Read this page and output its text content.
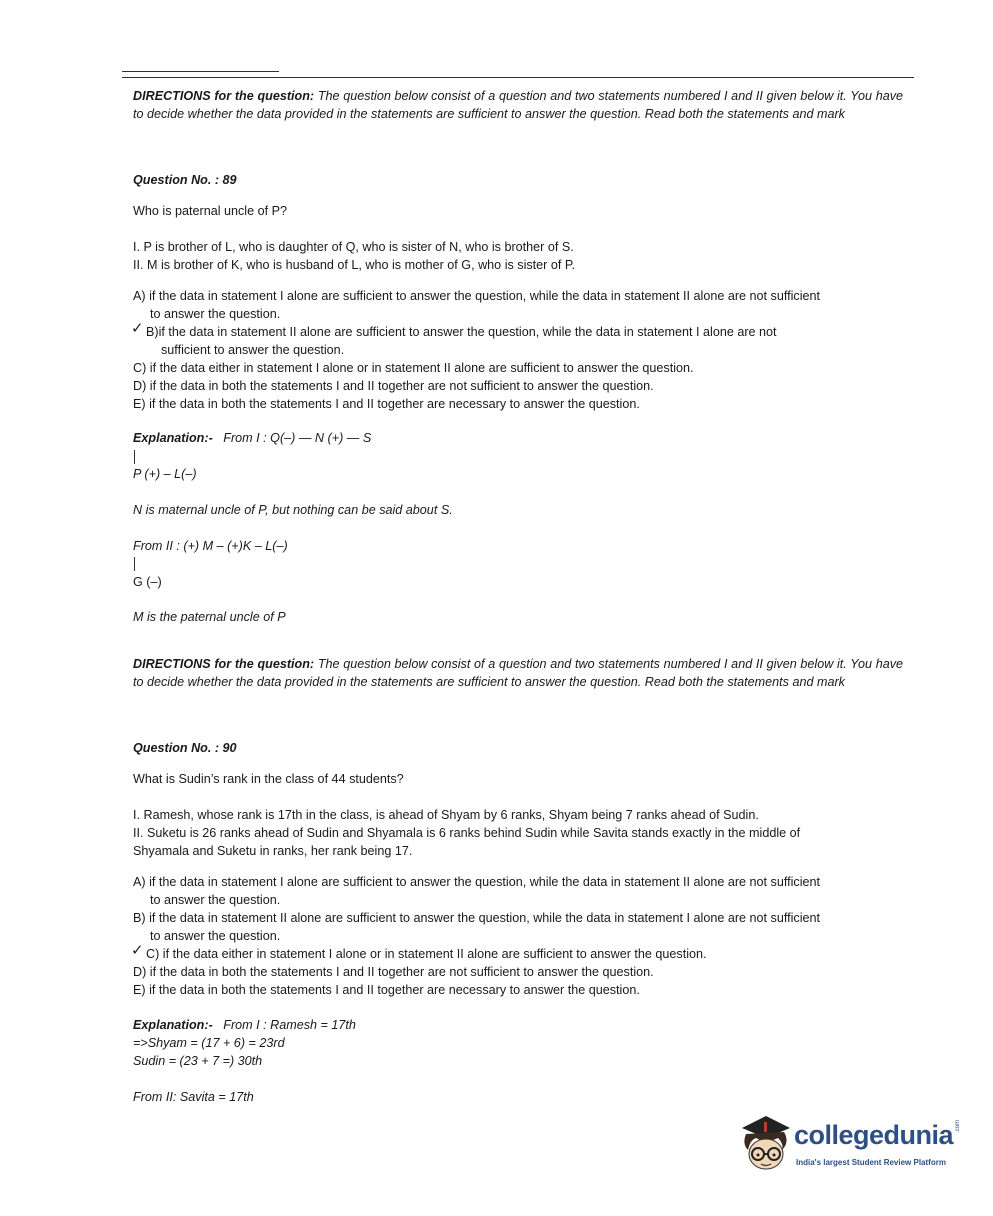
DIRECTIONS for the question: The question below consist of a question and two statements numbered I and II given below it. You have to decide whether the data provided in the statements are sufficient to answer the question. Read both the statements and mark
Question No. : 89
Who is paternal uncle of P?
I. P is brother of L, who is daughter of Q, who is sister of N, who is brother of S.
II. M is brother of K, who is husband of L, who is mother of G, who is sister of P.
A) if the data in statement I alone are sufficient to answer the question, while the data in statement II alone are not sufficient
to answer the question.
✓ B)if the data in statement II alone are sufficient to answer the question, while the data in statement I alone are not
sufficient to answer the question.
C) if the data either in statement I alone or in statement II alone are sufficient to answer the question.
D) if the data in both the statements I and II together are not sufficient to answer the question.
E) if the data in both the statements I and II together are necessary to answer the question.
Explanation:- From I : Q(–) — N (+) — S
P (+) – L(–)
N is maternal uncle of P, but nothing can be said about S.
From II : (+) M – (+)K – L(–)
G (–)
M is the paternal uncle of P
DIRECTIONS for the question: The question below consist of a question and two statements numbered I and II given below it. You have to decide whether the data provided in the statements are sufficient to answer the question. Read both the statements and mark
Question No. : 90
What is Sudin’s rank in the class of 44 students?
I. Ramesh, whose rank is 17th in the class, is ahead of Shyam by 6 ranks, Shyam being 7 ranks ahead of Sudin.
II. Suketu is 26 ranks ahead of Sudin and Shyamala is 6 ranks behind Sudin while Savita stands exactly in the middle of
Shyamala and Suketu in ranks, her rank being 17.
A) if the data in statement I alone are sufficient to answer the question, while the data in statement II alone are not sufficient
to answer the question.
B) if the data in statement II alone are sufficient to answer the question, while the data in statement I alone are not sufficient
to answer the question.
✓ C) if the data either in statement I alone or in statement II alone are sufficient to answer the question.
D) if the data in both the statements I and II together are not sufficient to answer the question.
E) if the data in both the statements I and II together are necessary to answer the question.
Explanation:- From I : Ramesh = 17th
=>Shyam = (17 + 6) = 23rd
Sudin = (23 + 7 =) 30th
From II: Savita = 17th
collegedunia .com
India's largest Student Review Platform
